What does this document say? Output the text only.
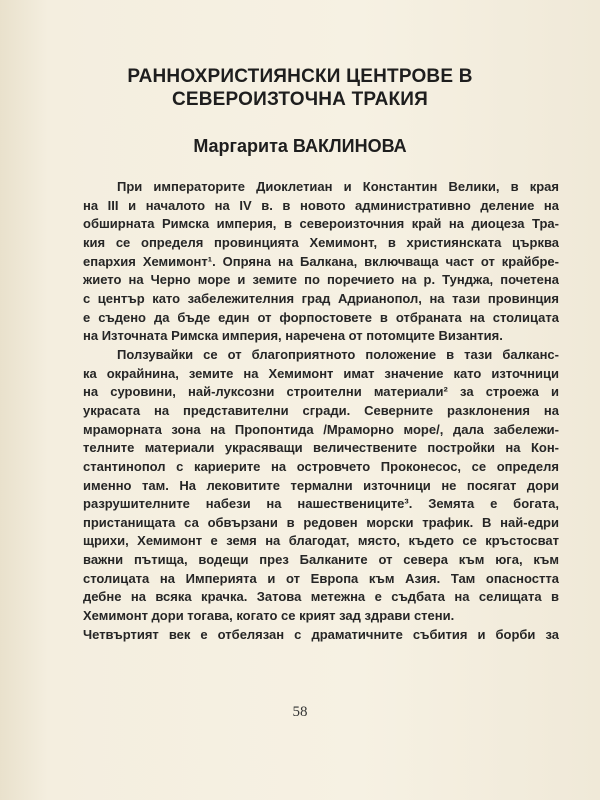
РАННОХРИСТИЯНСКИ ЦЕНТРОВЕ В
СЕВЕРОИЗТОЧНА ТРАКИЯ
Маргарита ВАКЛИНОВА
При императорите Диоклетиан и Константин Велики, в края
на III и началото на IV в. в новото административно деление на
обширната Римска империя, в североизточния край на диоцеза Тра-
кия се определя провинцията Хемимонт, в християнската църква
епархия Хемимонт¹. Опряна на Балкана, включваща част от крайбре-
жието на Черно море и земите по поречието на р. Тунджа, почетена
с център като забележителния град Адрианопол, на тази провинция
е съдено да бъде един от форпостовете в отбраната на столицата
на Източната Римска империя, наречена от потомците Византия.
Ползувайки се от благоприятното положение в тази балканс-
ка окрайнина, земите на Хемимонт имат значение като източници
на суровини, най-луксозни строителни материали² за строежа и
украсата на представителни сгради. Северните разклонения на
мраморната зона на Пропонтида /Мраморно море/, дала забележи-
телните материали украсяващи величествените постройки на Кон-
стантинопол с кариерите на островчето Проконесос, се определя
именно там. На лековитите термални източници не посягат дори
разрушителните набези на нашествениците³. Земята е богата,
пристанищата са обвързани в редовен морски трафик. В най-едри
щрихи, Хемимонт е земя на благодат, място, където се кръстосват
важни пътища, водещи през Балканите от севера към юга, към
столицата на Империята и от Европа към Азия. Там опасността
дебне на всяка крачка. Затова метежна е съдбата на селищата в
Хемимонт дори тогава, когато се крият зад здрави стени.
Четвъртият век е отбелязан с драматичните събития и борби за
58
